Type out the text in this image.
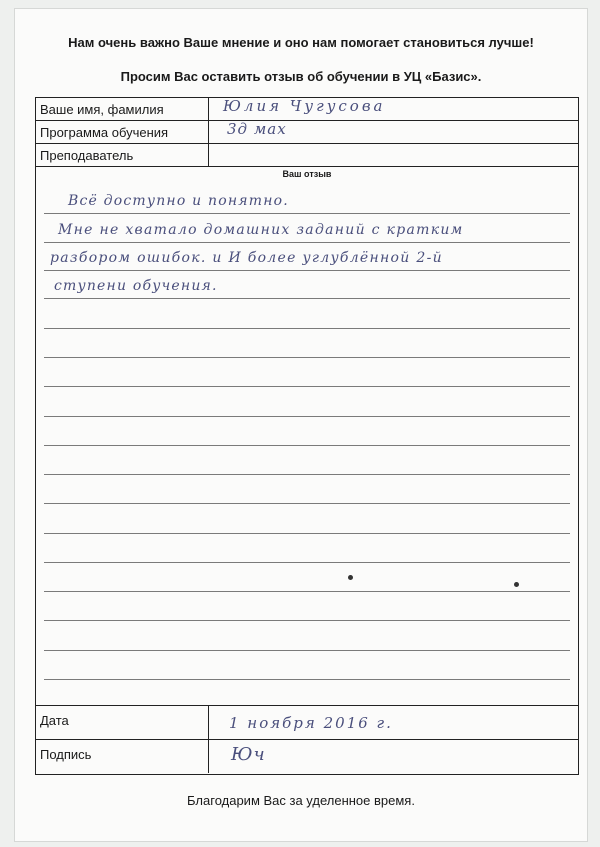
Нам очень важно Ваше мнение и оно нам помогает становиться лучше!
Просим Вас оставить отзыв об обучении в УЦ «Базис».
Ваше имя, фамилия	Юлия Чугусова
Программа обучения	3д мах
Преподаватель
Ваш отзыв
Всё доступно и понятно.
Мне не хватало домашних заданий с кратким
разбором ошибок. и И более углублённой 2-й
ступени обучения.
Дата	1 ноября 2016 г.
Подпись	Юч
Благодарим Вас за уделенное время.
